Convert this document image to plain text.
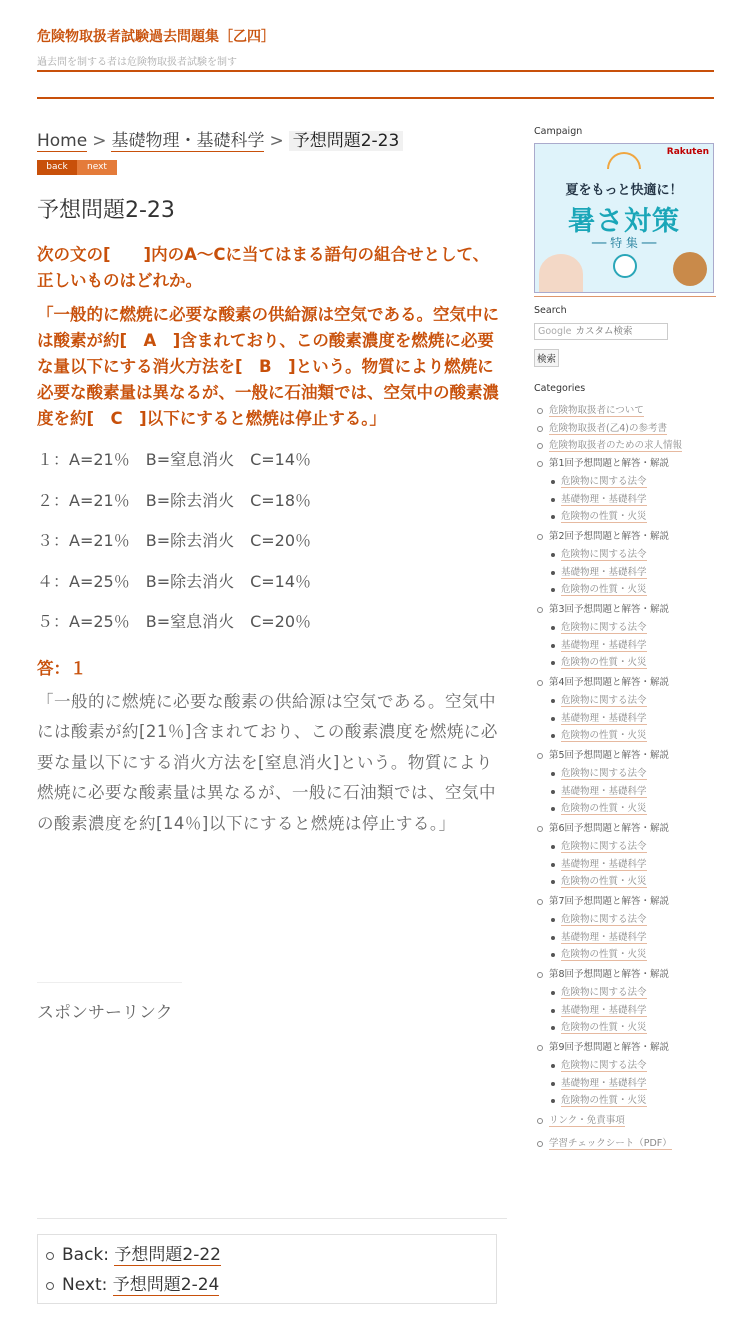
危険物取扱者試験過去問題集［乙四］
過去問を制する者は危険物取扱者試験を制す
Home > 基礎物理・基礎科学 > 予想問題2-23
back	next
予想問題2-23
次の文の[　　]内のA～Cに当てはまる語句の組合せとして、正しいものはどれか。
「一般的に燃焼に必要な酸素の供給源は空気である。空気中には酸素が約[　A　]含まれており、この酸素濃度を燃焼に必要な量以下にする消火方法を[　B　]という。物質により燃焼に必要な酸素量は異なるが、一般に石油類では、空気中の酸素濃度を約[　C　]以下にすると燃焼は停止する。」
１：A=21％　B=窒息消火　C=14％
２：A=21％　B=除去消火　C=18％
３：A=21％　B=除去消火　C=20％
４：A=25％　B=除去消火　C=14％
５：A=25％　B=窒息消火　C=20％
答：１
「一般的に燃焼に必要な酸素の供給源は空気である。空気中には酸素が約[21％]含まれており、この酸素濃度を燃焼に必要な量以下にする消火方法を[窒息消火]という。物質により燃焼に必要な酸素量は異なるが、一般に石油類では、空気中の酸素濃度を約[14％]以下にすると燃焼は停止する。」
スポンサーリンク
Back: 予想問題2-22
Next: 予想問題2-24
Campaign
Rakuten
夏をもっと快適に！
暑さ対策
── 特 集 ──
Search
Google カスタム検索
検索
Categories
危険物取扱者について
危険物取扱者(乙4)の参考書
危険物取扱者のための求人情報
第1回予想問題と解答・解説
危険物に関する法令
基礎物理・基礎科学
危険物の性質・火災
第2回予想問題と解答・解説
危険物に関する法令
基礎物理・基礎科学
危険物の性質・火災
第3回予想問題と解答・解説
危険物に関する法令
基礎物理・基礎科学
危険物の性質・火災
第4回予想問題と解答・解説
危険物に関する法令
基礎物理・基礎科学
危険物の性質・火災
第5回予想問題と解答・解説
危険物に関する法令
基礎物理・基礎科学
危険物の性質・火災
第6回予想問題と解答・解説
危険物に関する法令
基礎物理・基礎科学
危険物の性質・火災
第7回予想問題と解答・解説
危険物に関する法令
基礎物理・基礎科学
危険物の性質・火災
第8回予想問題と解答・解説
危険物に関する法令
基礎物理・基礎科学
危険物の性質・火災
第9回予想問題と解答・解説
危険物に関する法令
基礎物理・基礎科学
危険物の性質・火災
リンク・免責事項
学習チェックシート（PDF）
